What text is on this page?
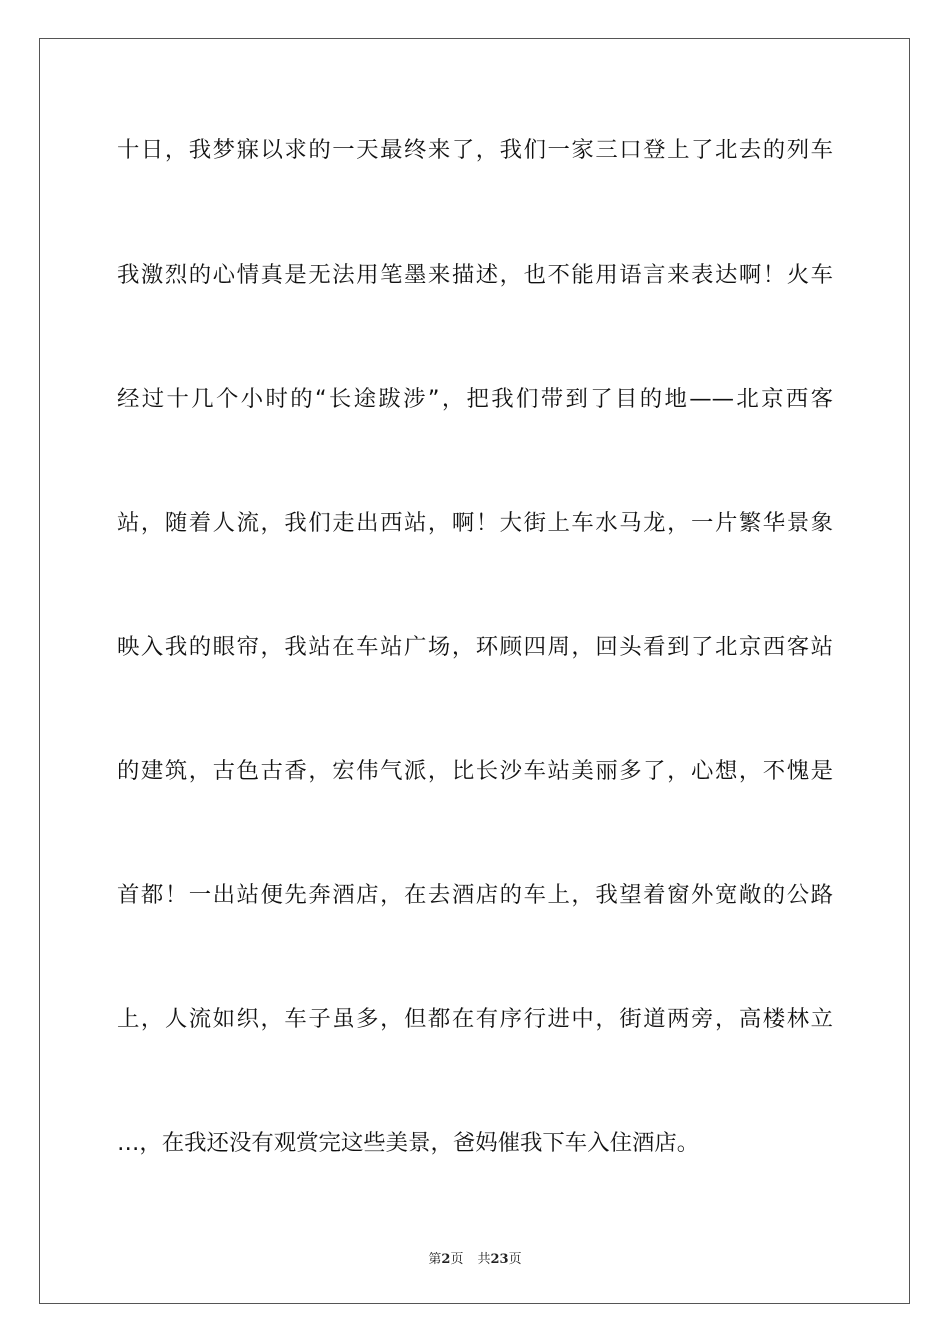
十日，我梦寐以求的一天最终来了，我们一家三口登上了北去的列车
我激烈的心情真是无法用笔墨来描述，也不能用语言来表达啊！火车
经过十几个小时的“长途跋涉”，把我们带到了目的地——北京西客
站，随着人流，我们走出西站，啊！大街上车水马龙，一片繁华景象
映入我的眼帘，我站在车站广场，环顾四周，回头看到了北京西客站
的建筑，古色古香，宏伟气派，比长沙车站美丽多了，心想，不愧是
首都！一出站便先奔酒店，在去酒店的车上，我望着窗外宽敞的公路
上，人流如织，车子虽多，但都在有序行进中，街道两旁，高楼林立
…，在我还没有观赏完这些美景，爸妈催我下车入住酒店。
第2页 共23页
